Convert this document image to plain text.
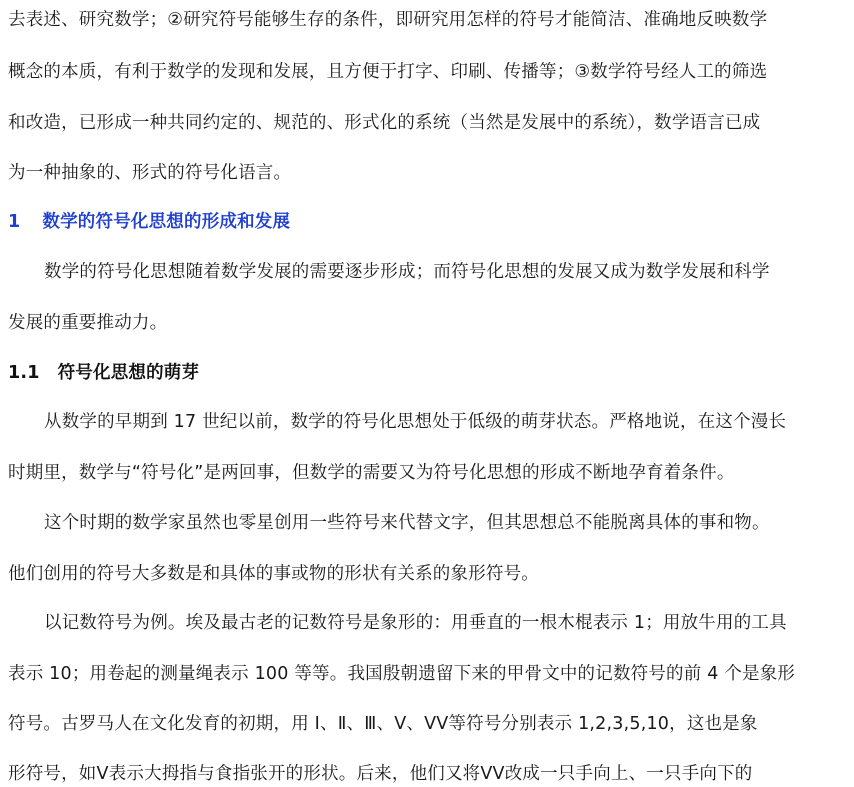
去表述、研究数学；②研究符号能够生存的条件，即研究用怎样的符号才能简洁、准确地反映数学
概念的本质，有利于数学的发现和发展，且方便于打字、印刷、传播等；③数学符号经人工的筛选
和改造，已形成一种共同约定的、规范的、形式化的系统（当然是发展中的系统），数学语言已成
为一种抽象的、形式的符号化语言。
1 数学的符号化思想的形成和发展
数学的符号化思想随着数学发展的需要逐步形成；而符号化思想的发展又成为数学发展和科学
发展的重要推动力。
1.1 符号化思想的萌芽
从数学的早期到 17 世纪以前，数学的符号化思想处于低级的萌芽状态。严格地说，在这个漫长
时期里，数学与“符号化”是两回事，但数学的需要又为符号化思想的形成不断地孕育着条件。
这个时期的数学家虽然也零星创用一些符号来代替文字，但其思想总不能脱离具体的事和物。
他们创用的符号大多数是和具体的事或物的形状有关系的象形符号。
以记数符号为例。埃及最古老的记数符号是象形的：用垂直的一根木棍表示 1；用放牛用的工具
表示 10；用卷起的测量绳表示 100 等等。我国殷朝遗留下来的甲骨文中的记数符号的前 4 个是象形
符号。古罗马人在文化发育的初期，用 Ⅰ、Ⅱ、Ⅲ、Ⅴ、ⅤⅤ等符号分别表示 1,2,3,5,10，这也是象
形符号，如Ⅴ表示大拇指与食指张开的形状。后来，他们又将ⅤⅤ改成一只手向上、一只手向下的
